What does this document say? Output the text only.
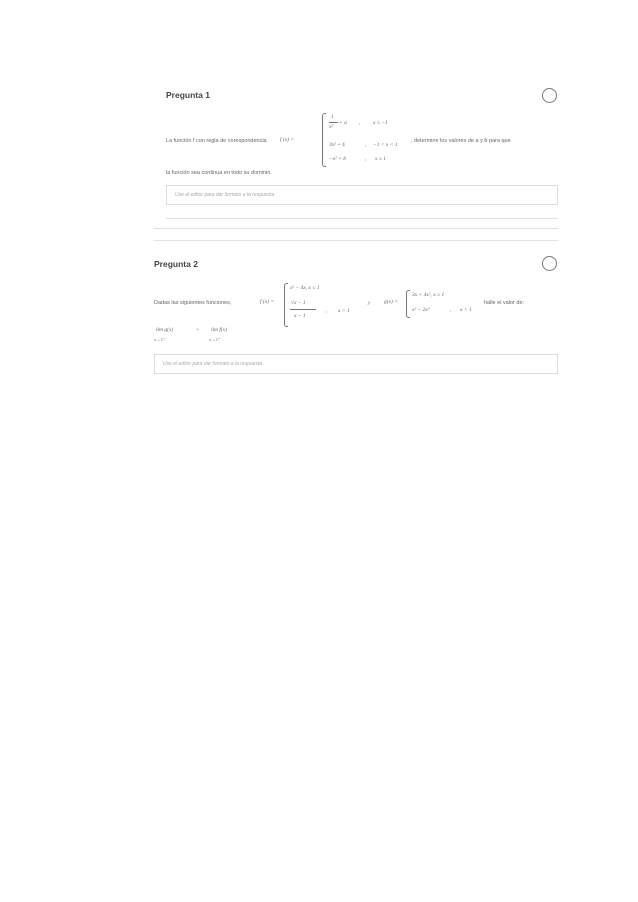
Pregunta 1
La función f con regla de corespondencia f (x) =
1
x²
+ a , x ≤ −1
3x² + 4	, −1 < x < 1
−x² + b	, x ≥ 1
, determine los valores de a y b para que
la función sea continua en todo su dominio.
Use el editor para dar formato a la respuesta
Pregunta 2
Dadas las siguientes funciones,	f (x) =
x² − 4x, x ≤ 1
√x − 1
x − 1
, x > 1
y g(x) =
3x + 4x², x ≥ 1
x² − 2x³	, x < 1
halle el valor de:
lim g(x)
x→1⁺
+ lim f(x)
x→1⁺
Use el editor para dar formato a la respuesta
